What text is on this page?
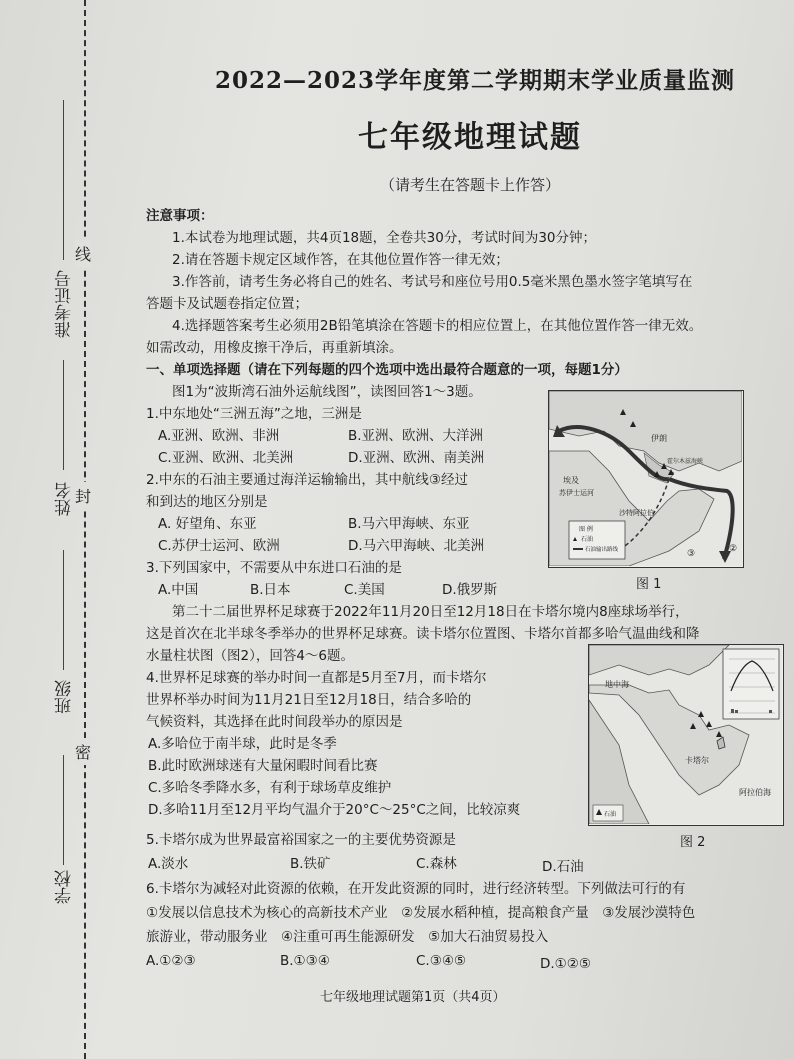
线
封
密
准考证号
姓名
班级
学校
2022—2023学年度第二学期期末学业质量监测
七年级地理试题
（请考生在答题卡上作答）
注意事项：
1.本试卷为地理试题，共4页18题，全卷共30分，考试时间为30分钟；
2.请在答题卡规定区域作答，在其他位置作答一律无效；
3.作答前，请考生务必将自己的姓名、考试号和座位号用0.5毫米黑色墨水签字笔填写在
答题卡及试题卷指定位置；
4.选择题答案考生必须用2B铅笔填涂在答题卡的相应位置上，在其他位置作答一律无效。
如需改动，用橡皮擦干净后，再重新填涂。
一、单项选择题（请在下列每题的四个选项中选出最符合题意的一项，每题1分）
图1为“波斯湾石油外运航线图”，读图回答1～3题。
1.中东地处“三洲五海”之地，三洲是
A.亚洲、欧洲、非洲	B.亚洲、欧洲、大洋洲
C.亚洲、欧洲、北美洲	D.亚洲、欧洲、南美洲
2.中东的石油主要通过海洋运输输出，其中航线③经过
和到达的地区分别是
A. 好望角、东亚	B.马六甲海峡、东亚
C.苏伊士运河、欧洲	D.马六甲海峡、北美洲
3.下列国家中，不需要从中东进口石油的是
A.中国	B.日本	C.美国	D.俄罗斯
图 例
石油
石油输出路线
伊朗
埃及
苏伊士运河
霍尔木兹海峡
沙特阿拉伯
③	②
图 1
第二十二届世界杯足球赛于2022年11月20日至12月18日在卡塔尔境内8座球场举行，
这是首次在北半球冬季举办的世界杯足球赛。读卡塔尔位置图、卡塔尔首都多哈气温曲线和降
水量柱状图（图2），回答4～6题。
4.世界杯足球赛的举办时间一直都是5月至7月，而卡塔尔
世界杯举办时间为11月21日至12月18日，结合多哈的
气候资料，其选择在此时间段举办的原因是
A.多哈位于南半球，此时是冬季
B.此时欧洲球迷有大量闲暇时间看比赛
C.多哈冬季降水多，有利于球场草皮维护
D.多哈11月至12月平均气温介于20°C～25°C之间，比较凉爽
地中海
卡塔尔
阿拉伯海
石油
图 2
5.卡塔尔成为世界最富裕国家之一的主要优势资源是
A.淡水	B.铁矿	C.森林	D.石油
6.卡塔尔为减轻对此资源的依赖，在开发此资源的同时，进行经济转型。下列做法可行的有
①发展以信息技术为核心的高新技术产业　②发展水稻种植，提高粮食产量　③发展沙漠特色
旅游业，带动服务业　④注重可再生能源研发　⑤加大石油贸易投入
A.①②③	B.①③④	C.③④⑤	D.①②⑤
七年级地理试题第1页（共4页）
